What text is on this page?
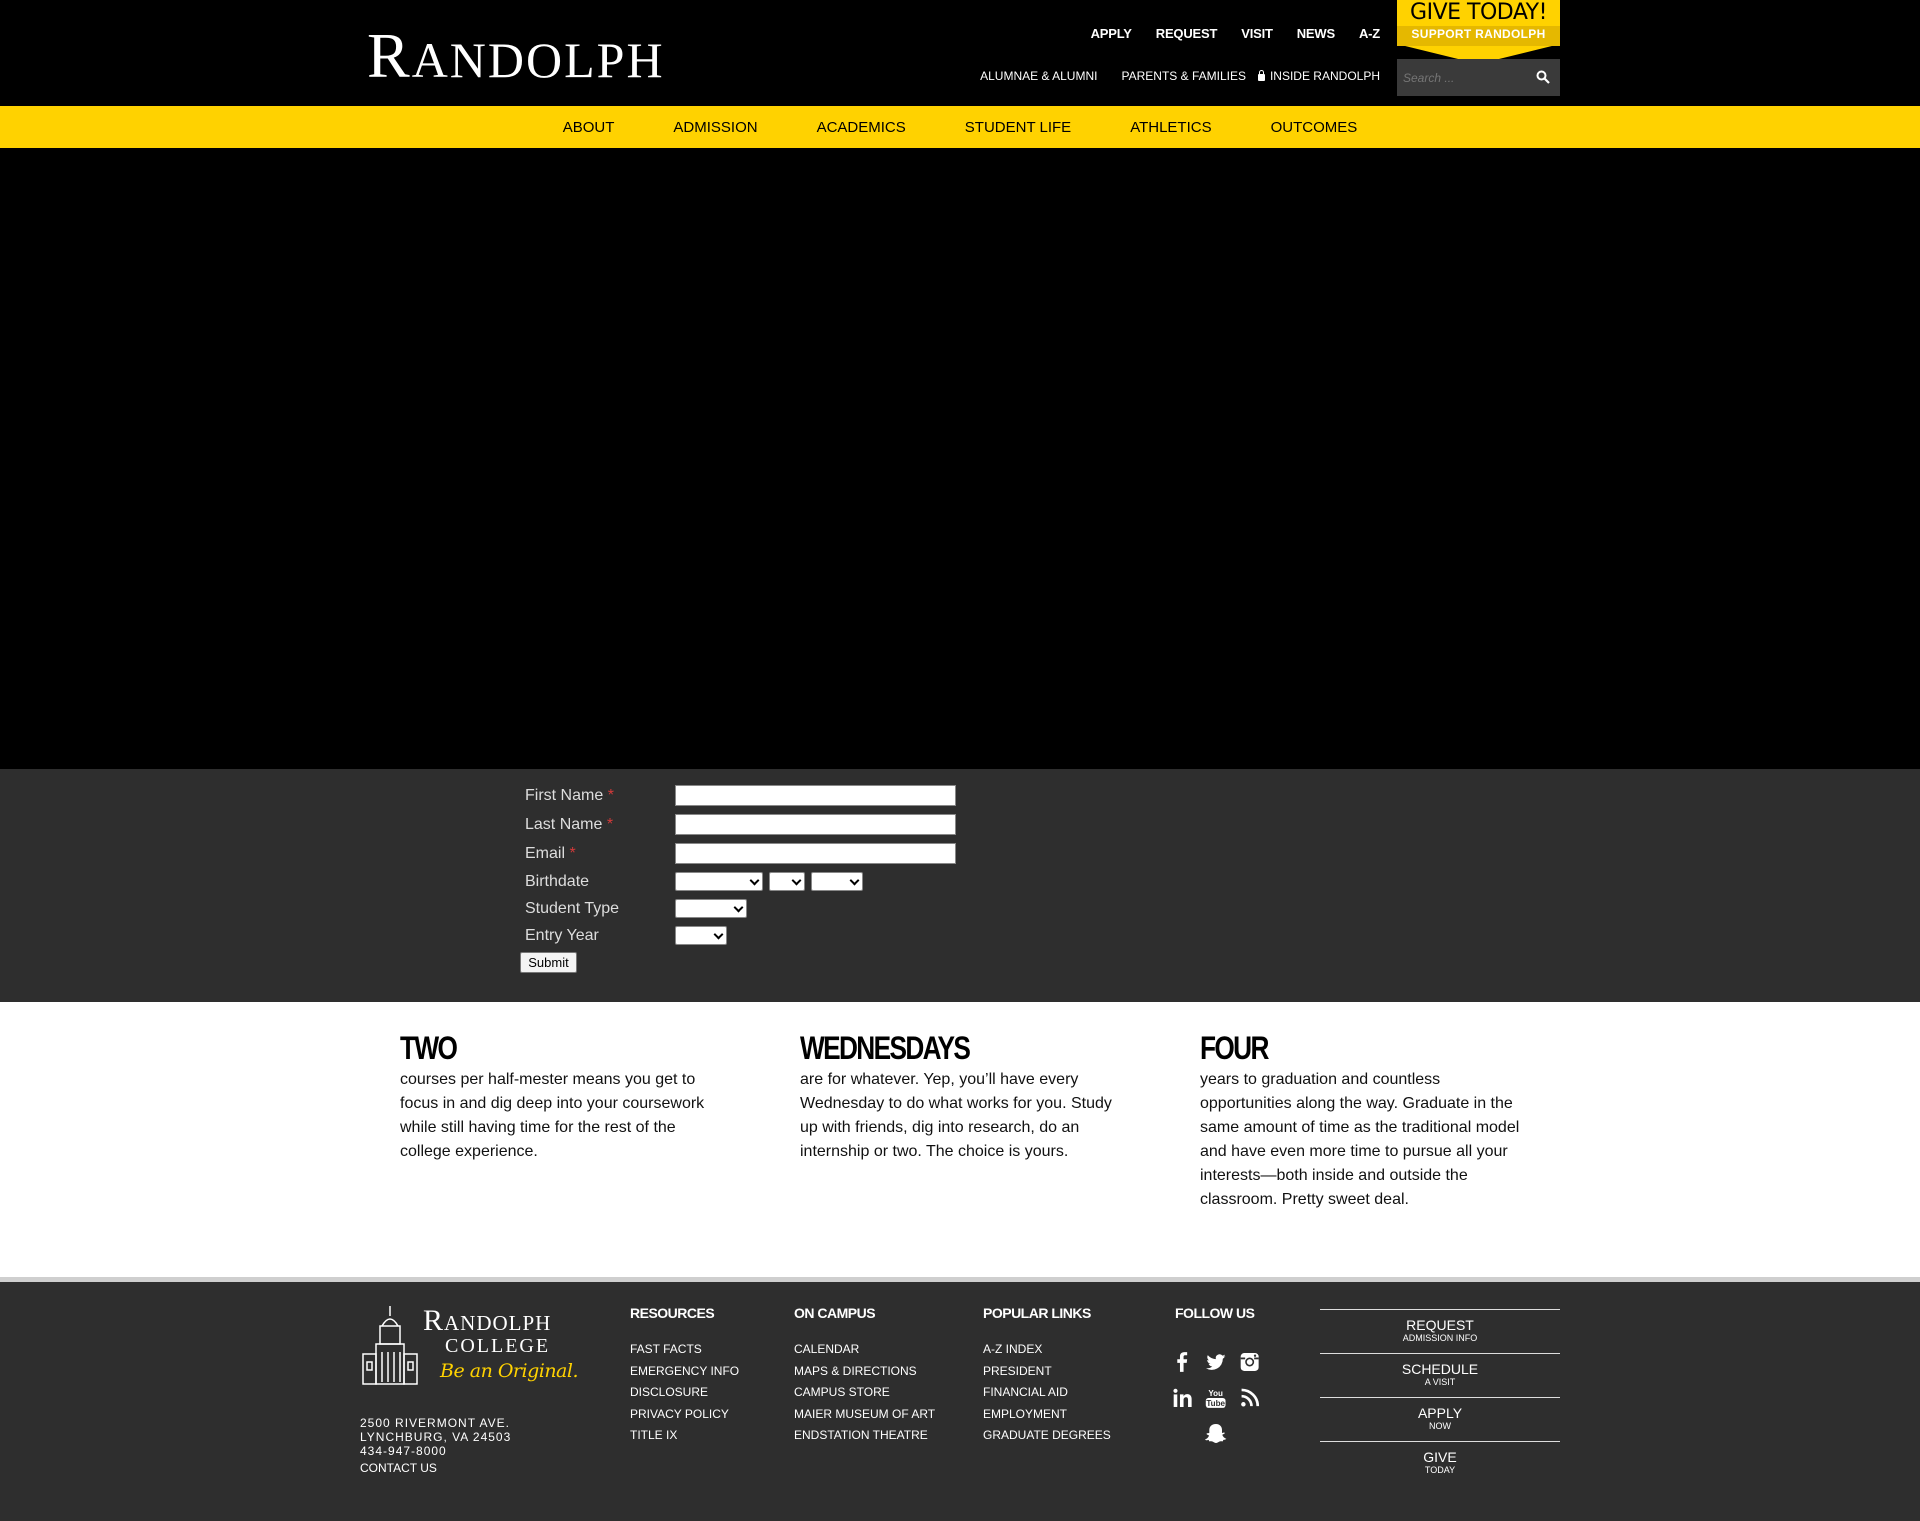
RANDOLPH	APPLY REQUEST VISIT NEWS A-Z
ALUMNAE & ALUMNI PARENTS & FAMILIES INSIDE RANDOLPH
GIVE TODAY!
SUPPORT RANDOLPH
Search ...
ABOUT	ADMISSION	ACADEMICS	STUDENT LIFE	ATHLETICS	OUTCOMES
First Name *
Last Name *
Email *
Birthdate
Student Type
Entry Year
Submit
TWO

courses per half-mester means you get to focus in and dig deep into your coursework while still having time for the rest of the college experience.

WEDNESDAYS

are for whatever. Yep, you’ll have every Wednesday to do what works for you. Study up with friends, dig into research, do an internship or two. The choice is yours.

FOUR

years to graduation and countless opportunities along the way. Graduate in the same amount of time as the traditional model and have even more time to pursue all your interests—both inside and outside the classroom. Pretty sweet deal.

Randolph
COLLEGE
Be an Original.
2500 RIVERMONT AVE.
LYNCHBURG, VA 24503
434-947-8000
CONTACT US
RESOURCES
FAST FACTS
EMERGENCY INFO
DISCLOSURE
PRIVACY POLICY
TITLE IX
ON CAMPUS
CALENDAR
MAPS & DIRECTIONS
CAMPUS STORE
MAIER MUSEUM OF ART
ENDSTATION THEATRE
POPULAR LINKS
A-Z INDEX
PRESIDENT
FINANCIAL AID
EMPLOYMENT
GRADUATE DEGREES
FOLLOW US
You
Tube
REQUEST
ADMISSION INFO
SCHEDULE
A VISIT
APPLY
NOW
GIVE
TODAY
